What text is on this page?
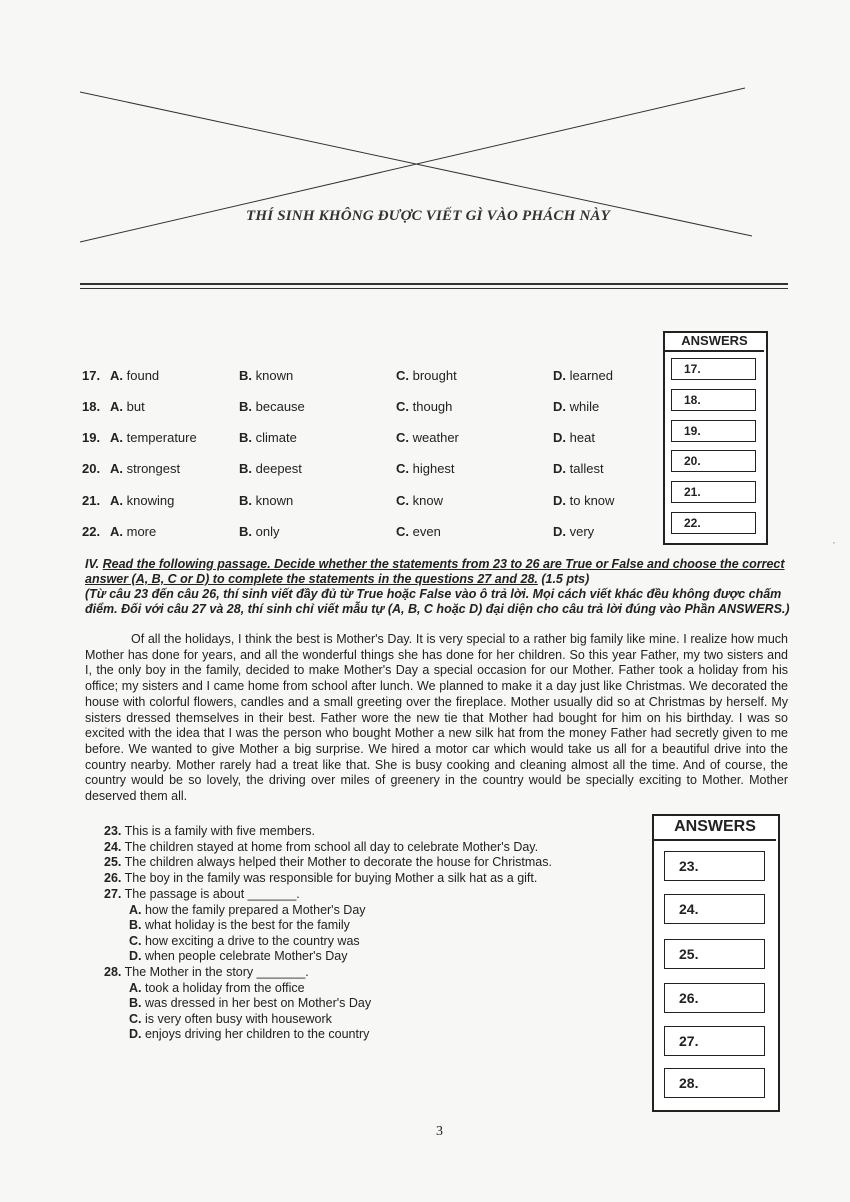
THÍ SINH KHÔNG ĐƯỢC VIẾT GÌ VÀO PHÁCH NÀY
17. A. found	B. known	C. brought	D. learned
18. A. but	B. because	C. though	D. while
19. A. temperature	B. climate	C. weather	D. heat
20. A. strongest	B. deepest	C. highest	D. tallest
21. A. knowing	B. known	C. know	D. to know
22. A. more	B. only	C. even	D. very
ANSWERS
17.
18.
19.
20.
21.
22.
IV. Read the following passage. Decide whether the statements from 23 to 26 are True or False and choose the correct answer (A, B, C or D) to complete the statements in the questions 27 and 28. (1.5 pts)
(Từ câu 23 đến câu 26, thí sinh viết đầy đủ từ True hoặc False vào ô trả lời. Mọi cách viết khác đều không được chấm điểm. Đối với câu 27 và 28, thí sinh chỉ viết mẫu tự (A, B, C hoặc D) đại diện cho câu trả lời đúng vào Phần ANSWERS.)
Of all the holidays, I think the best is Mother's Day. It is very special to a rather big family like mine. I realize how much Mother has done for years, and all the wonderful things she has done for her children. So this year Father, my two sisters and I, the only boy in the family, decided to make Mother's Day a special occasion for our Mother. Father took a holiday from his office; my sisters and I came home from school after lunch. We planned to make it a day just like Christmas. We decorated the house with colorful flowers, candles and a small greeting over the fireplace. Mother usually did so at Christmas by herself. My sisters dressed themselves in their best. Father wore the new tie that Mother had bought for him on his birthday. I was so excited with the idea that I was the person who bought Mother a new silk hat from the money Father had secretly given to me before. We wanted to give Mother a big surprise. We hired a motor car which would take us all for a beautiful drive into the country nearby. Mother rarely had a treat like that. She is busy cooking and cleaning almost all the time. And of course, the country would be so lovely, the driving over miles of greenery in the country would be specially exciting to Mother. Mother deserved them all.
23. This is a family with five members.
24. The children stayed at home from school all day to celebrate Mother's Day.
25. The children always helped their Mother to decorate the house for Christmas.
26. The boy in the family was responsible for buying Mother a silk hat as a gift.
27. The passage is about _______.
A. how the family prepared a Mother's Day
B. what holiday is the best for the family
C. how exciting a drive to the country was
D. when people celebrate Mother's Day
28. The Mother in the story _______.
A. took a holiday from the office
B. was dressed in her best on Mother's Day
C. is very often busy with housework
D. enjoys driving her children to the country
ANSWERS
23.
24.
25.
26.
27.
28.
·
3
